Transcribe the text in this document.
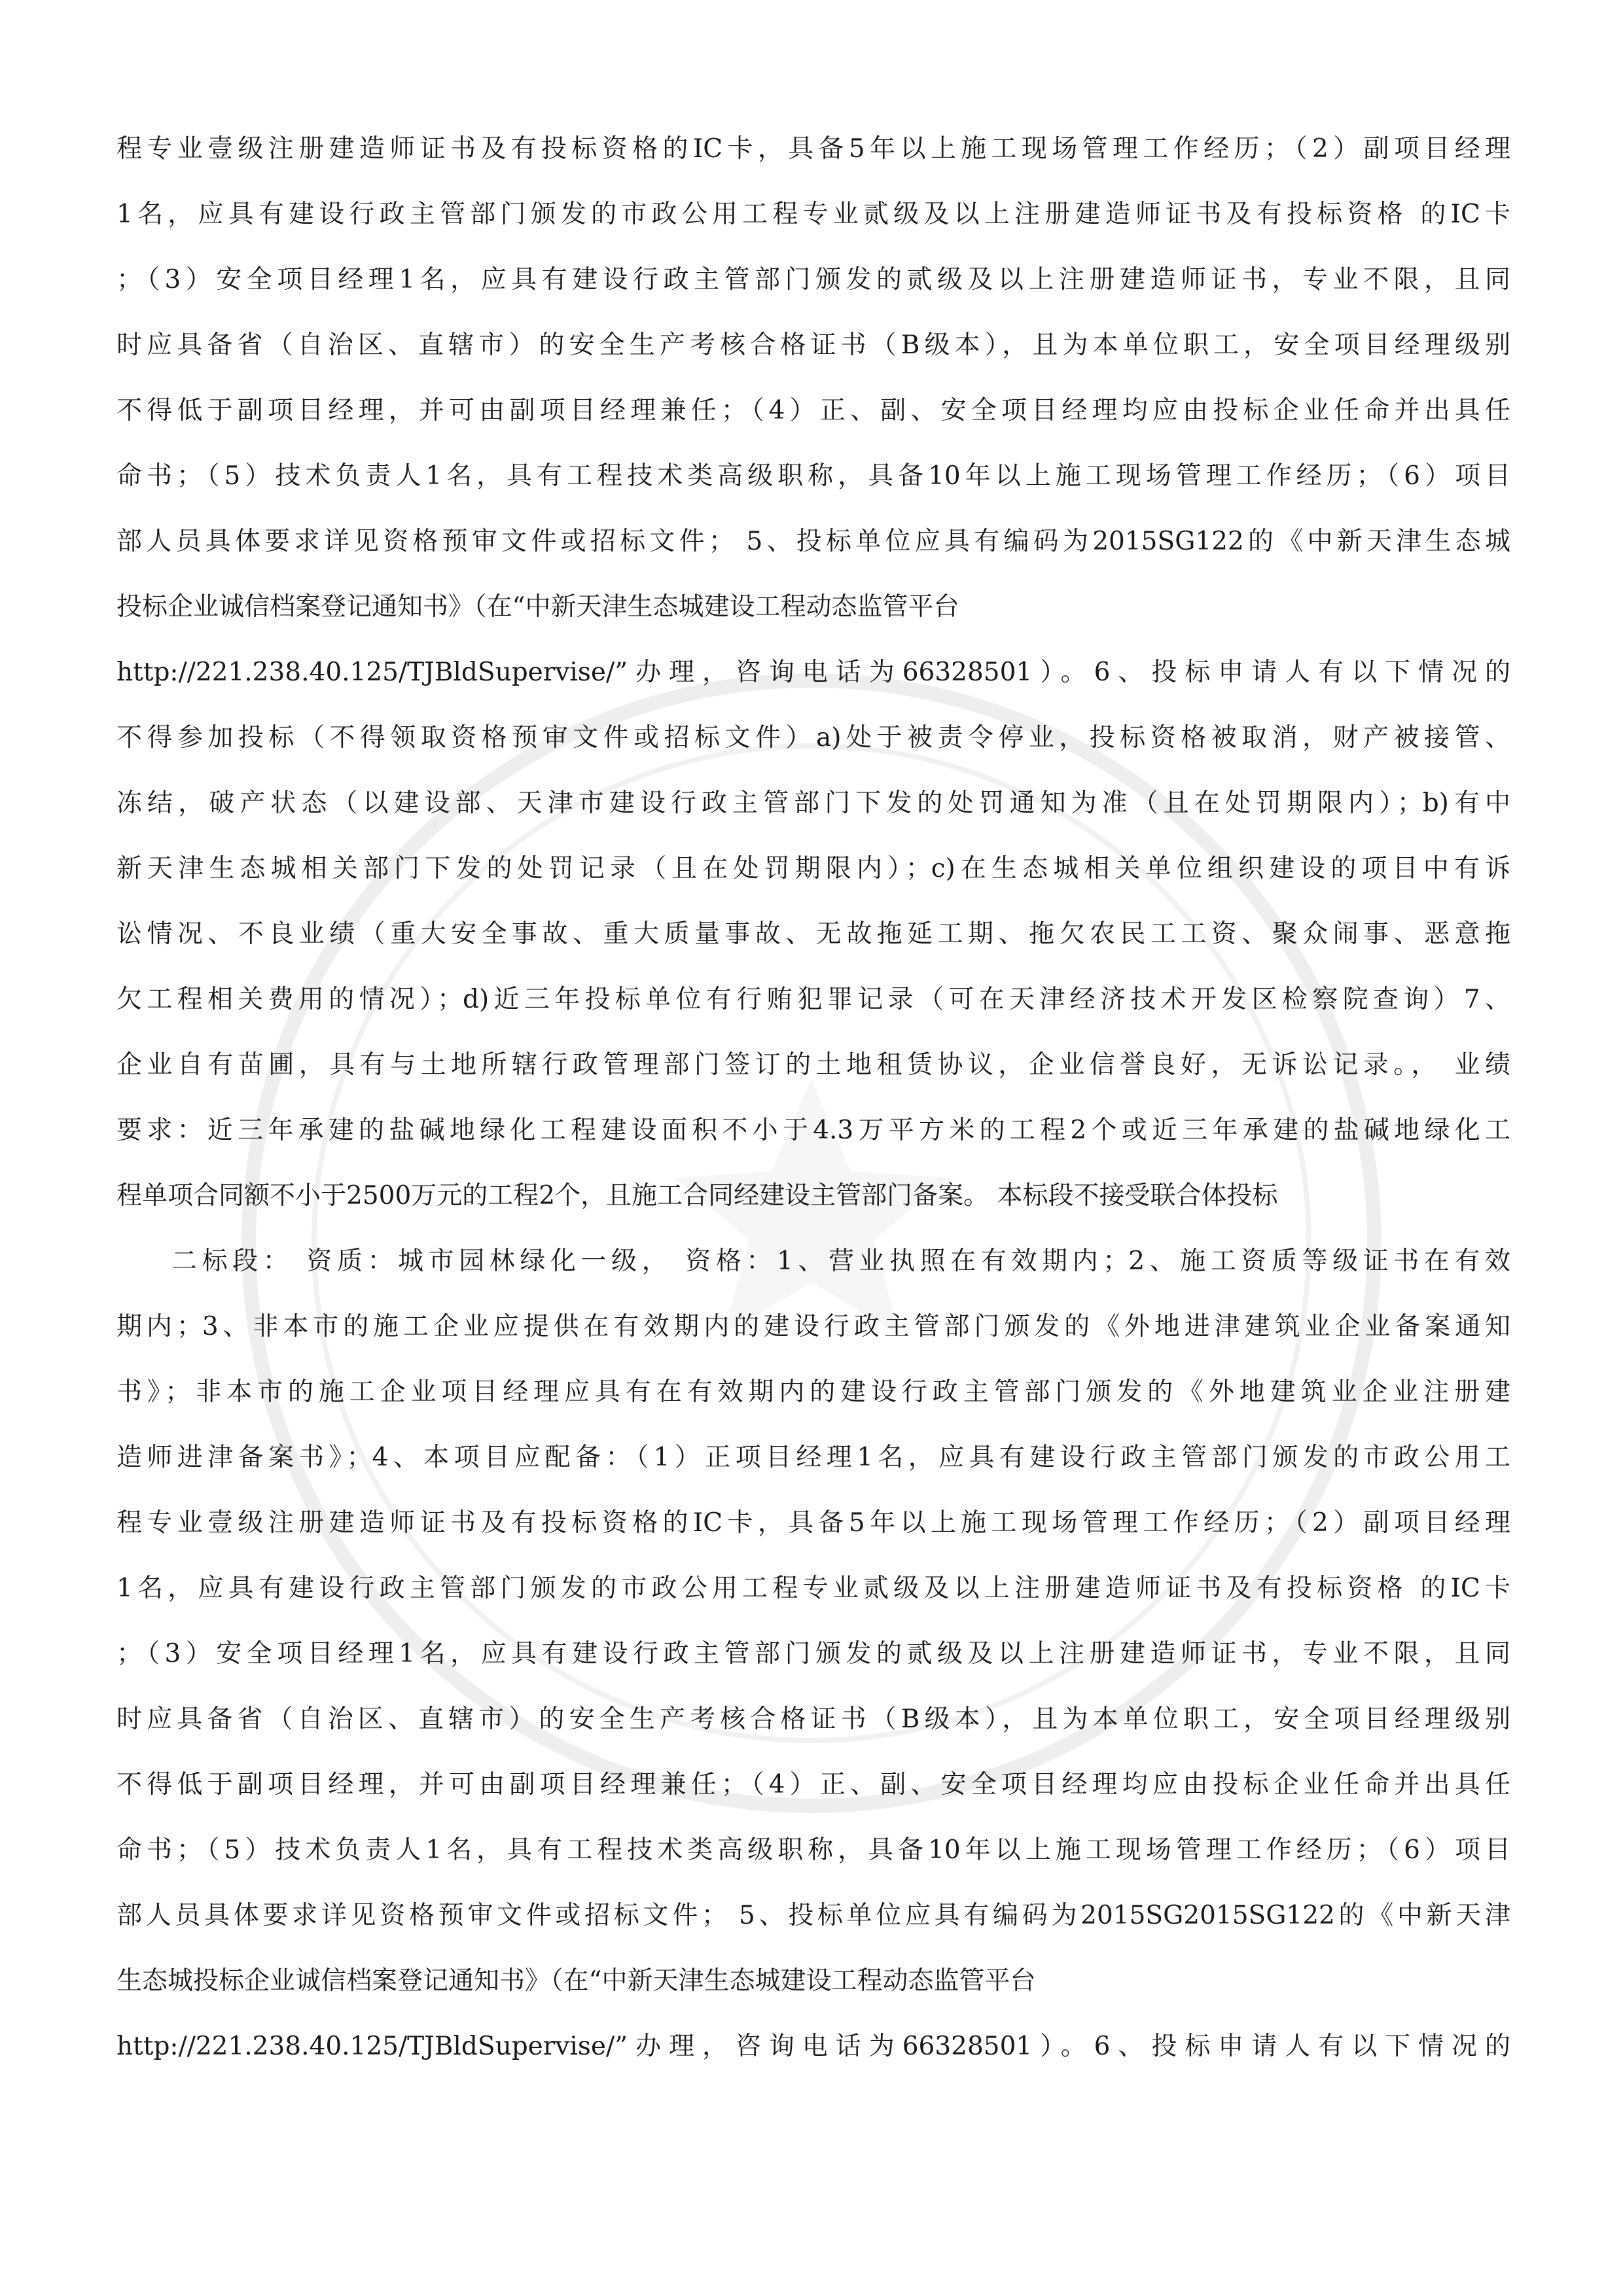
程专业壹级注册建造师证书及有投标资格的IC卡，具备5年以上施工现场管理工作经历；（2）副项目经理

1名，应具有建设行政主管部门颁发的市政公用工程专业贰级及以上注册建造师证书及有投标资格 的IC卡

；（3）安全项目经理1名，应具有建设行政主管部门颁发的贰级及以上注册建造师证书，专业不限，且同

时应具备省（自治区、直辖市）的安全生产考核合格证书（B级本），且为本单位职工，安全项目经理级别

不得低于副项目经理，并可由副项目经理兼任；（4）正、副、安全项目经理均应由投标企业任命并出具任

命书；（5）技术负责人1名，具有工程技术类高级职称，具备10年以上施工现场管理工作经历；（6）项目

部人员具体要求详见资格预审文件或招标文件； 5、投标单位应具有编码为2015SG122的《中新天津生态城

投标企业诚信档案登记通知书》（在“中新天津生态城建设工程动态监管平台

http://221.238.40.125/TJBldSupervise/”办理，咨询电话为66328501）。6、投标申请人有以下情况的

不得参加投标（不得领取资格预审文件或招标文件）a)处于被责令停业，投标资格被取消，财产被接管、

冻结，破产状态（以建设部、天津市建设行政主管部门下发的处罚通知为准（且在处罚期限内）；b)有中

新天津生态城相关部门下发的处罚记录（且在处罚期限内）；c)在生态城相关单位组织建设的项目中有诉

讼情况、不良业绩（重大安全事故、重大质量事故、无故拖延工期、拖欠农民工工资、聚众闹事、恶意拖

欠工程相关费用的情况）；d)近三年投标单位有行贿犯罪记录（可在天津经济技术开发区检察院查询）7、

企业自有苗圃，具有与土地所辖行政管理部门签订的土地租赁协议，企业信誉良好，无诉讼记录。， 业绩

要求：近三年承建的盐碱地绿化工程建设面积不小于4.3万平方米的工程2个或近三年承建的盐碱地绿化工

程单项合同额不小于2500万元的工程2个，且施工合同经建设主管部门备案。 本标段不接受联合体投标

二标段： 资质：城市园林绿化一级， 资格：1、营业执照在有效期内；2、施工资质等级证书在有效

期内；3、非本市的施工企业应提供在有效期内的建设行政主管部门颁发的《外地进津建筑业企业备案通知

书》；非本市的施工企业项目经理应具有在有效期内的建设行政主管部门颁发的《外地建筑业企业注册建

造师进津备案书》；4、本项目应配备：（1）正项目经理1名，应具有建设行政主管部门颁发的市政公用工

程专业壹级注册建造师证书及有投标资格的IC卡，具备5年以上施工现场管理工作经历；（2）副项目经理

1名，应具有建设行政主管部门颁发的市政公用工程专业贰级及以上注册建造师证书及有投标资格 的IC卡

；（3）安全项目经理1名，应具有建设行政主管部门颁发的贰级及以上注册建造师证书，专业不限，且同

时应具备省（自治区、直辖市）的安全生产考核合格证书（B级本），且为本单位职工，安全项目经理级别

不得低于副项目经理，并可由副项目经理兼任；（4）正、副、安全项目经理均应由投标企业任命并出具任

命书；（5）技术负责人1名，具有工程技术类高级职称，具备10年以上施工现场管理工作经历；（6）项目

部人员具体要求详见资格预审文件或招标文件； 5、投标单位应具有编码为2015SG2015SG122的《中新天津

生态城投标企业诚信档案登记通知书》（在“中新天津生态城建设工程动态监管平台

http://221.238.40.125/TJBldSupervise/”办理，咨询电话为66328501）。6、投标申请人有以下情况的
